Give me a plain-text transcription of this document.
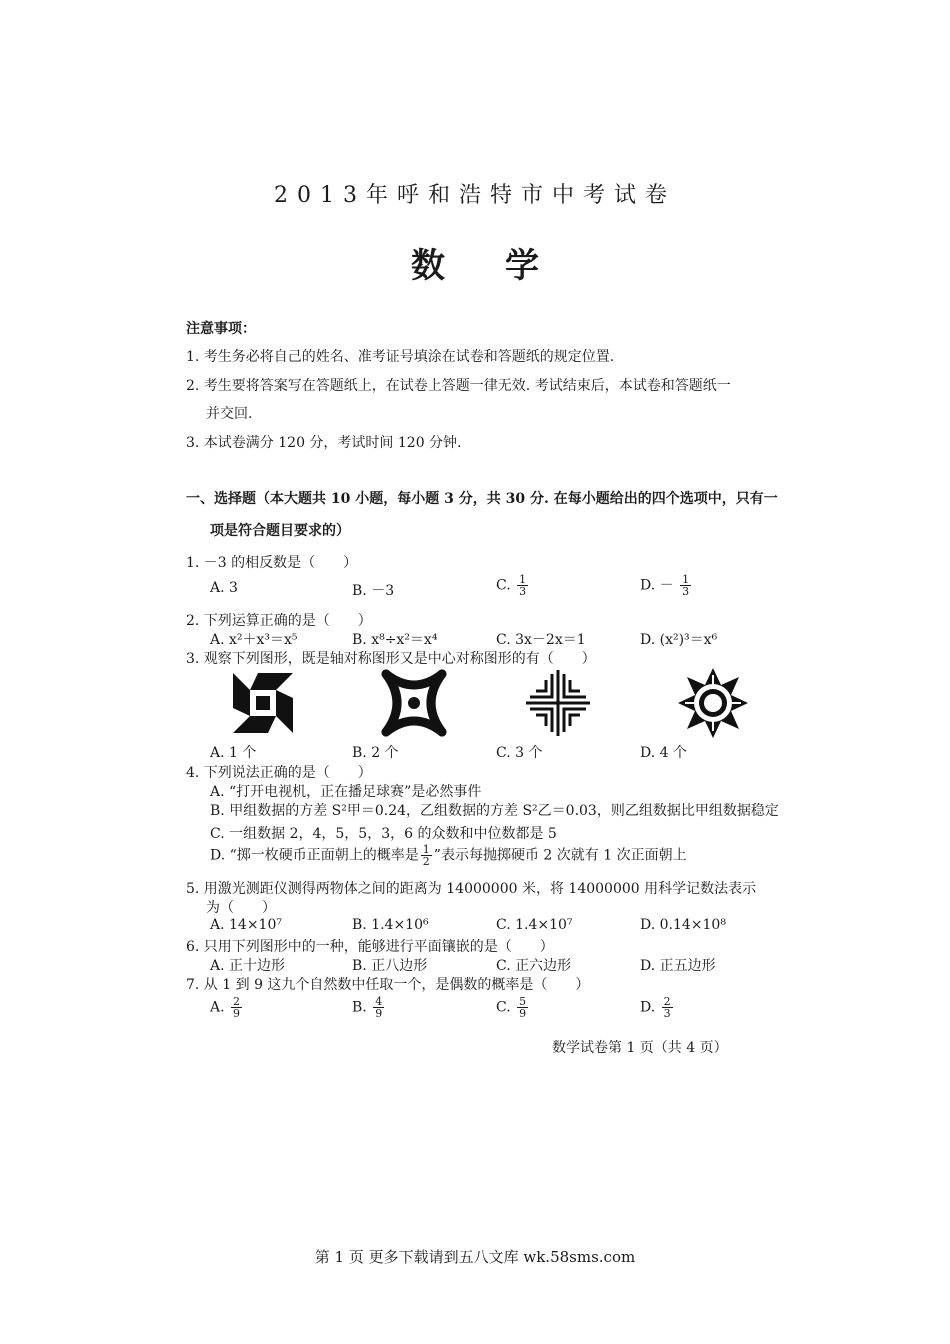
2013年呼和浩特市中考试卷
数学
注意事项：
1. 考生务必将自己的姓名、准考证号填涂在试卷和答题纸的规定位置.
2. 考生要将答案写在答题纸上，在试卷上答题一律无效. 考试结束后，本试卷和答题纸一
并交回.
3. 本试卷满分 120 分，考试时间 120 分钟.
一、选择题（本大题共 10 小题，每小题 3 分，共 30 分. 在每小题给出的四个选项中，只有一
项是符合题目要求的）
1. －3 的相反数是（　　）
A. 3	B. －3	C. $\frac{1}{3}$	D. － $\frac{1}{3}$
2. 下列运算正确的是（　　）
A. x²＋x³＝x⁵	B. x⁸÷x²＝x⁴	C. 3x－2x＝1	D. (x²)³＝x⁶
3. 观察下列图形，既是轴对称图形又是中心对称图形的有（　　）
A. 1 个	B. 2 个	C. 3 个	D. 4 个
4. 下列说法正确的是（　　）
A. “打开电视机，正在播足球赛”是必然事件
B. 甲组数据的方差 S²甲＝0.24，乙组数据的方差 S²乙＝0.03，则乙组数据比甲组数据稳定
C. 一组数据 2，4，5，5，3，6 的众数和中位数都是 5
D. “掷一枚硬币正面朝上的概率是 $\frac{1}{2}$ ”表示每抛掷硬币 2 次就有 1 次正面朝上
5. 用激光测距仪测得两物体之间的距离为 14000000 米，将 14000000 用科学记数法表示
为（　　）
A. 14×10⁷	B. 1.4×10⁶	C. 1.4×10⁷	D. 0.14×10⁸
6. 只用下列图形中的一种，能够进行平面镶嵌的是（　　）
A. 正十边形	B. 正八边形	C. 正六边形	D. 正五边形
7. 从 1 到 9 这九个自然数中任取一个，是偶数的概率是（　　）
A. $\frac{2}{9}$	B. $\frac{4}{9}$	C. $\frac{5}{9}$	D. $\frac{2}{3}$
数学试卷第 1 页（共 4 页）
第 1 页 更多下载请到五八文库 wk.58sms.com
